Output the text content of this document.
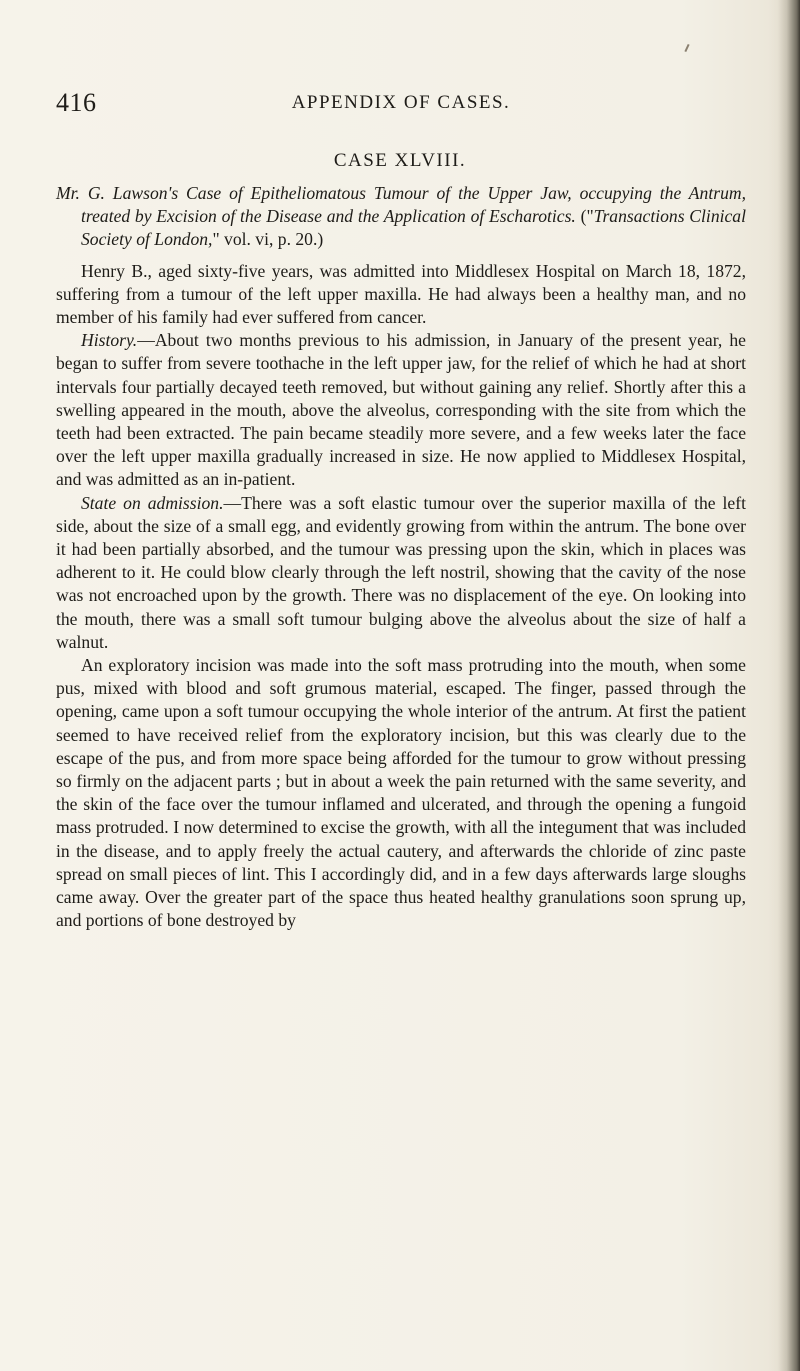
416	APPENDIX OF CASES.
CASE XLVIII.

Mr. G. Lawson's Case of Epitheliomatous Tumour of the Upper Jaw, occupying the Antrum, treated by Excision of the Disease and the Application of Escharotics. ("Transactions Clinical Society of London," vol. vi, p. 20.)

Henry B., aged sixty-five years, was admitted into Middlesex Hospital on March 18, 1872, suffering from a tumour of the left upper maxilla. He had always been a healthy man, and no member of his family had ever suffered from cancer.

History.—About two months previous to his admission, in January of the present year, he began to suffer from severe toothache in the left upper jaw, for the relief of which he had at short intervals four partially decayed teeth removed, but without gaining any relief. Shortly after this a swelling appeared in the mouth, above the alveolus, corresponding with the site from which the teeth had been extracted. The pain became steadily more severe, and a few weeks later the face over the left upper maxilla gradually increased in size. He now applied to Middlesex Hospital, and was admitted as an in-patient.

State on admission.—There was a soft elastic tumour over the superior maxilla of the left side, about the size of a small egg, and evidently growing from within the antrum. The bone over it had been partially absorbed, and the tumour was pressing upon the skin, which in places was adherent to it. He could blow clearly through the left nostril, showing that the cavity of the nose was not encroached upon by the growth. There was no displacement of the eye. On looking into the mouth, there was a small soft tumour bulging above the alveolus about the size of half a walnut.

An exploratory incision was made into the soft mass protruding into the mouth, when some pus, mixed with blood and soft grumous material, escaped. The finger, passed through the opening, came upon a soft tumour occupying the whole interior of the antrum. At first the patient seemed to have received relief from the exploratory incision, but this was clearly due to the escape of the pus, and from more space being afforded for the tumour to grow without pressing so firmly on the adjacent parts ; but in about a week the pain returned with the same severity, and the skin of the face over the tumour inflamed and ulcerated, and through the opening a fungoid mass protruded. I now determined to excise the growth, with all the integument that was included in the disease, and to apply freely the actual cautery, and afterwards the chloride of zinc paste spread on small pieces of lint. This I accordingly did, and in a few days afterwards large sloughs came away. Over the greater part of the space thus heated healthy granulations soon sprung up, and portions of bone destroyed by
